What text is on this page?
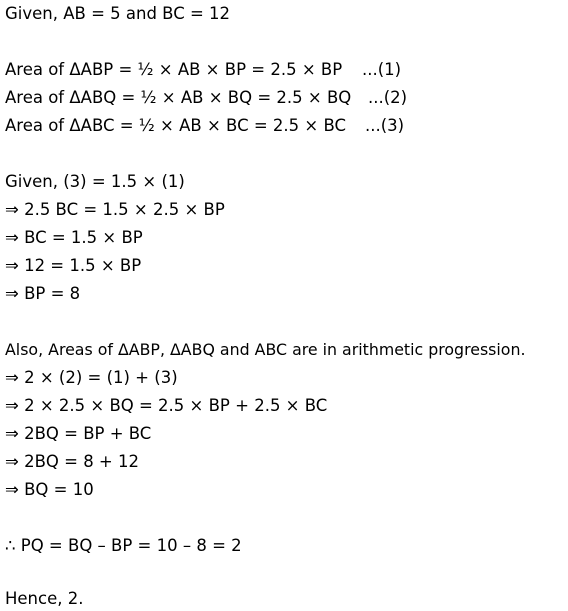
Given, AB = 5 and BC = 12
Area of ΔABP = ½ × AB × BP = 2.5 × BP ...(1)
Area of ΔABQ = ½ × AB × BQ = 2.5 × BQ ...(2)
Area of ΔABC = ½ × AB × BC = 2.5 × BC ...(3)
Given, (3) = 1.5 × (1)
⇒ 2.5 BC = 1.5 × 2.5 × BP
⇒ BC = 1.5 × BP
⇒ 12 = 1.5 × BP
⇒ BP = 8
Also, Areas of ΔABP, ΔABQ and ABC are in arithmetic progression.
⇒ 2 × (2) = (1) + (3)
⇒ 2 × 2.5 × BQ = 2.5 × BP + 2.5 × BC
⇒ 2BQ = BP + BC
⇒ 2BQ = 8 + 12
⇒ BQ = 10
∴ PQ = BQ – BP = 10 – 8 = 2
Hence, 2.
